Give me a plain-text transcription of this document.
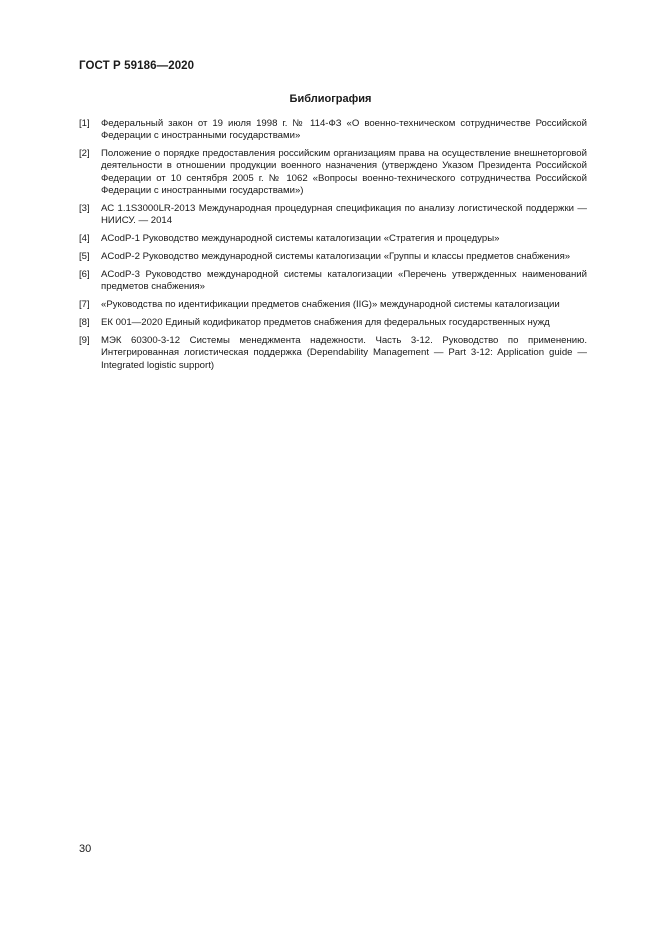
ГОСТ Р 59186—2020
Библиография
[1]	Федеральный закон от 19 июля 1998 г. № 114-ФЗ «О военно-техническом сотрудничестве Российской Федерации с иностранными государствами»
[2]	Положение о порядке предоставления российским организациям права на осуществление внешнеторговой деятельности в отношении продукции военного назначения (утверждено Указом Президента Российской Федерации от 10 сентября 2005 г. № 1062 «Вопросы военно-технического сотрудничества Российской Федерации с иностранными государствами»)
[3]	АС 1.1S3000LR-2013 Международная процедурная спецификация по анализу логистической поддержки — НИИСУ. — 2014
[4]	ACodP-1 Руководство международной системы каталогизации «Стратегия и процедуры»
[5]	ACodP-2 Руководство международной системы каталогизации «Группы и классы предметов снабжения»
[6]	ACodP-3 Руководство международной системы каталогизации «Перечень утвержденных наименований предметов снабжения»
[7]	«Руководства по идентификации предметов снабжения (IIG)» международной системы каталогизации
[8]	ЕК 001—2020 Единый кодификатор предметов снабжения для федеральных государственных нужд
[9]	МЭК 60300-3-12 Системы менеджмента надежности. Часть 3-12. Руководство по применению. Интегрированная логистическая поддержка (Dependability Management — Part 3-12: Application guide — Integrated logistic support)
30
